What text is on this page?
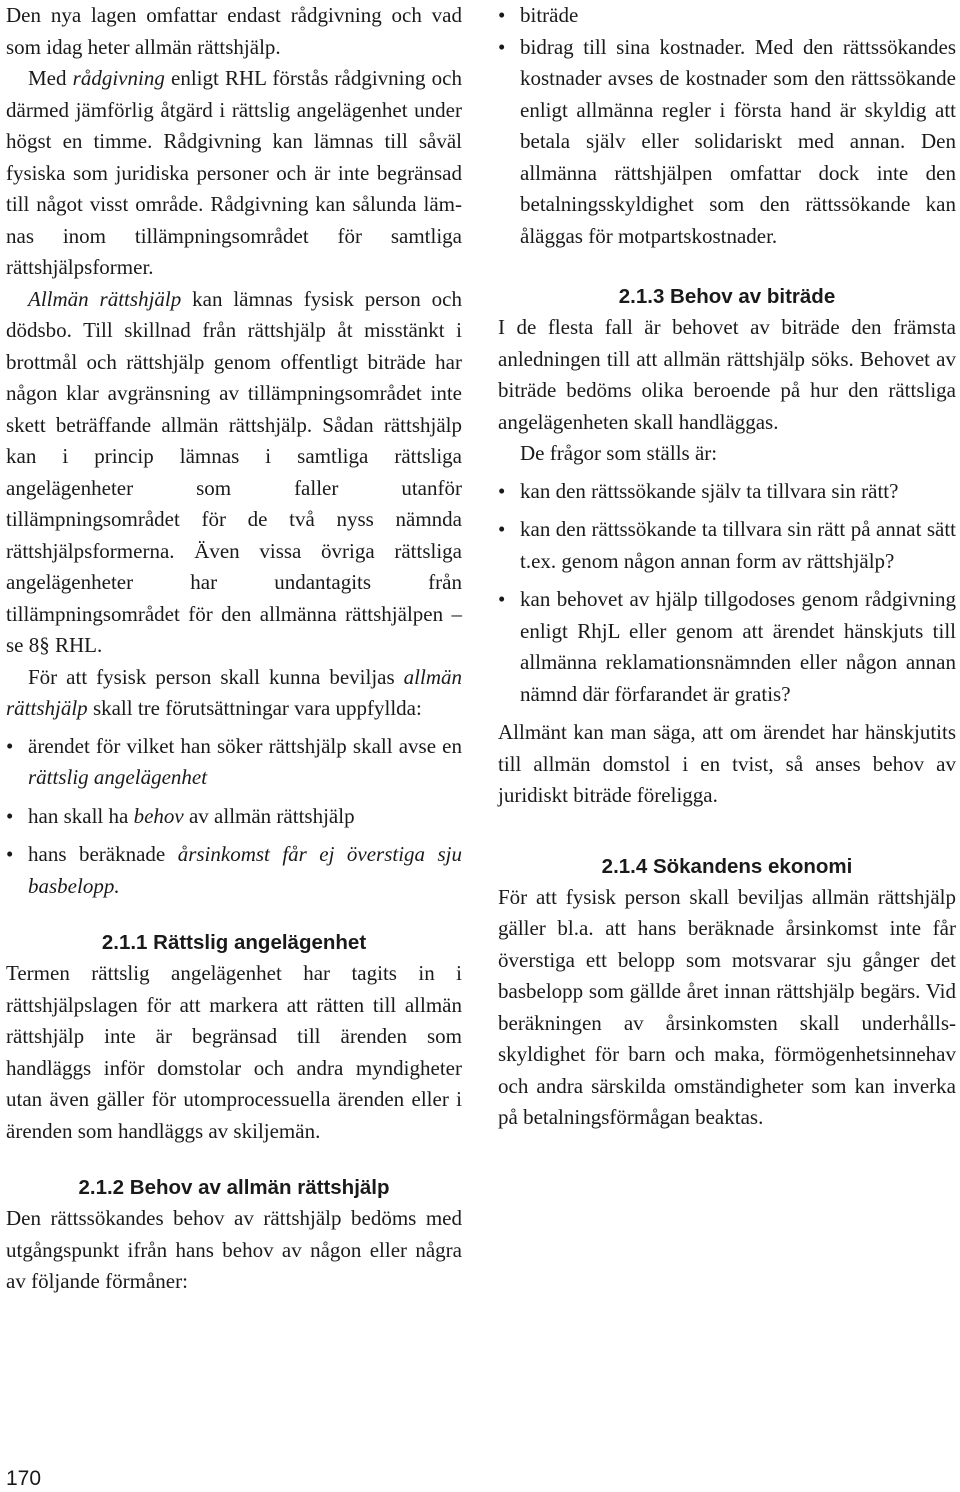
Den nya lagen omfattar endast rådgivning och vad som idag heter allmän rättshjälp.

Med rådgivning enligt RHL förstås rådgivning och därmed jämförlig åtgärd i rättslig angelägenhet under högst en timme. Rådgivning kan lämnas till såväl fysiska som juridiska personer och är inte begränsad till något visst område. Rådgivning kan sålunda lämnas inom tillämpningsområdet för samtliga rättshjälpsformer.

Allmän rättshjälp kan lämnas fysisk person och dödsbo. Till skillnad från rättshjälp åt misstänkt i brottmål och rättshjälp genom offentligt biträde har någon klar avgränsning av tillämpningsområdet inte skett beträffande allmän rättshjälp. Sådan rättshjälp kan i princip lämnas i samtliga rättsliga angelägenheter som faller utanför tillämpningsområdet för de två nyss nämnda rättshjälpsformerna. Även vissa övriga rättsliga angelägenheter har undantagits från tillämpningsområdet för den allmänna rättshjälpen – se 8§ RHL.

För att fysisk person skall kunna beviljas allmän rättshjälp skall tre förutsättningar vara uppfyllda:

• ärendet för vilket han söker rättshjälp skall avse en rättslig angelägenhet
• han skall ha behov av allmän rättshjälp
• hans beräknade årsinkomst får ej överstiga sju basbelopp.
2.1.1 Rättslig angelägenhet

Termen rättslig angelägenhet har tagits in i rättshjälpslagen för att markera att rätten till allmän rättshjälp inte är begränsad till ärenden som handläggs inför domstolar och andra myndigheter utan även gäller för utomprocessuella ärenden eller i ärenden som handläggs av skiljemän.

2.1.2 Behov av allmän rättshjälp

Den rättssökandes behov av rättshjälp bedöms med utgångspunkt ifrån hans behov av någon eller några av följande förmåner:

• biträde
• bidrag till sina kostnader. Med den rättssökandes kostnader avses de kostnader som den rättssökande enligt allmänna regler i första hand är skyldig att betala själv eller solidariskt med annan. Den allmänna rättshjälpen omfattar dock inte den betalningsskyldighet som den rättssökande kan åläggas för motpartskostnader.
2.1.3 Behov av biträde

I de flesta fall är behovet av biträde den främsta anledningen till att allmän rättshjälp söks. Behovet av biträde bedöms olika beroende på hur den rättsliga angelägenheten skall handläggas.

De frågor som ställs är:

• kan den rättssökande själv ta tillvara sin rätt?
• kan den rättssökande ta tillvara sin rätt på annat sätt t.ex. genom någon annan form av rättshjälp?
• kan behovet av hjälp tillgodoses genom rådgivning enligt RhjL eller genom att ärendet hänskjuts till allmänna reklamationsnämnden eller någon annan nämnd där förfarandet är gratis?

Allmänt kan man säga, att om ärendet har hänskjutits till allmän domstol i en tvist, så anses behov av juridiskt biträde föreligga.

2.1.4 Sökandens ekonomi

För att fysisk person skall beviljas allmän rättshjälp gäller bl.a. att hans beräknade årsinkomst inte får överstiga ett belopp som motsvarar sju gånger det basbelopp som gällde året innan rättshjälp begärs. Vid beräkningen av årsinkomsten skall underhållsskyldighet för barn och maka, förmögenhetsinnehav och andra särskilda omständigheter som kan inverka på betalningsförmågan beaktas.

170
